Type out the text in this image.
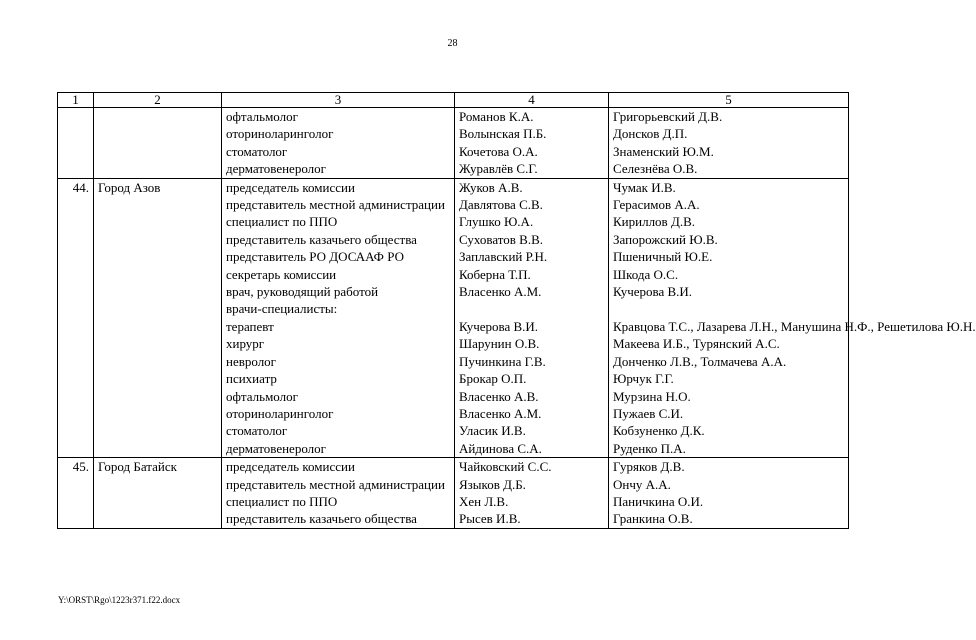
28
1	2	3	4	5
		офтальмолог	Романов К.А.	Григорьевский Д.В.
		оториноларинголог	Волынская П.Б.	Донсков Д.П.
		стоматолог	Кочетова О.А.	Знаменский Ю.М.
		дерматовенеролог	Журавлёв С.Г.	Селезнёва О.В.
44.	Город Азов	председатель комиссии	Жуков А.В.	Чумак И.В.
		представитель местной администрации	Давлятова С.В.	Герасимов А.А.
		специалист по ППО	Глушко Ю.А.	Кириллов Д.В.
		представитель казачьего общества	Суховатов В.В.	Запорожский Ю.В.
		представитель РО ДОСААФ РО	Заплавский Р.Н.	Пшеничный Ю.Е.
		секретарь комиссии	Коберна Т.П.	Шкода О.С.
		врач, руководящий работой	Власенко А.М.	Кучерова В.И.
		врачи-специалисты:		
		терапевт	Кучерова В.И.	Кравцова Т.С., Лазарева Л.Н., Манушина Н.Ф., Решетилова Ю.Н.
		хирург	Шарунин О.В.	Макеева И.Б., Турянский А.С.
		невролог	Пучинкина Г.В.	Донченко Л.В., Толмачева А.А.
		психиатр	Брокар О.П.	Юрчук Г.Г.
		офтальмолог	Власенко А.В.	Мурзина Н.О.
		оториноларинголог	Власенко А.М.	Пужаев С.И.
		стоматолог	Уласик И.В.	Кобзуненко Д.К.
		дерматовенеролог	Айдинова С.А.	Руденко П.А.
45.	Город Батайск	председатель комиссии	Чайковский С.С.	Гуряков Д.В.
		представитель местной администрации	Языков Д.Б.	Ончу А.А.
		специалист по ППО	Хен Л.В.	Паничкина О.И.
		представитель казачьего общества	Рысев И.В.	Гранкина О.В.
Y:\ORST\Rgo\1223r371.f22.docx
